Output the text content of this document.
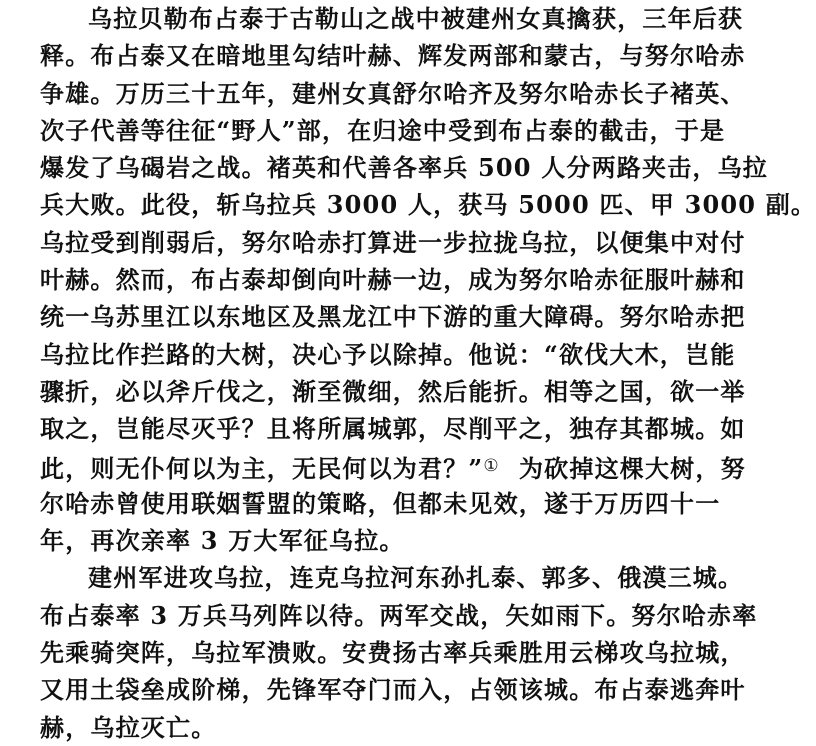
乌拉贝勒布占泰于古勒山之战中被建州女真擒获，三年后获
释。布占泰又在暗地里勾结叶赫、辉发两部和蒙古，与努尔哈赤
争雄。万历三十五年，建州女真舒尔哈齐及努尔哈赤长子褚英、
次子代善等往征“野人”部，在归途中受到布占泰的截击，于是
爆发了乌碣岩之战。褚英和代善各率兵 500 人分两路夹击，乌拉
兵大败。此役，斩乌拉兵 3000 人，获马 5000 匹、甲 3000 副。
乌拉受到削弱后，努尔哈赤打算进一步拉拢乌拉，以便集中对付
叶赫。然而，布占泰却倒向叶赫一边，成为努尔哈赤征服叶赫和
统一乌苏里江以东地区及黑龙江中下游的重大障碍。努尔哈赤把
乌拉比作拦路的大树，决心予以除掉。他说：“欲伐大木，岂能
骤折，必以斧斤伐之，渐至微细，然后能折。相等之国，欲一举
取之，岂能尽灭乎？且将所属城郭，尽削平之，独存其都城。如
此，则无仆何以为主，无民何以为君？”①  为砍掉这棵大树，努
尔哈赤曾使用联姻誓盟的策略，但都未见效，遂于万历四十一
年，再次亲率 3 万大军征乌拉。
建州军进攻乌拉，连克乌拉河东孙扎泰、郭多、俄漠三城。
布占泰率 3 万兵马列阵以待。两军交战，矢如雨下。努尔哈赤率
先乘骑突阵，乌拉军溃败。安费扬古率兵乘胜用云梯攻乌拉城，
又用土袋垒成阶梯，先锋军夺门而入，占领该城。布占泰逃奔叶
赫，乌拉灭亡。
